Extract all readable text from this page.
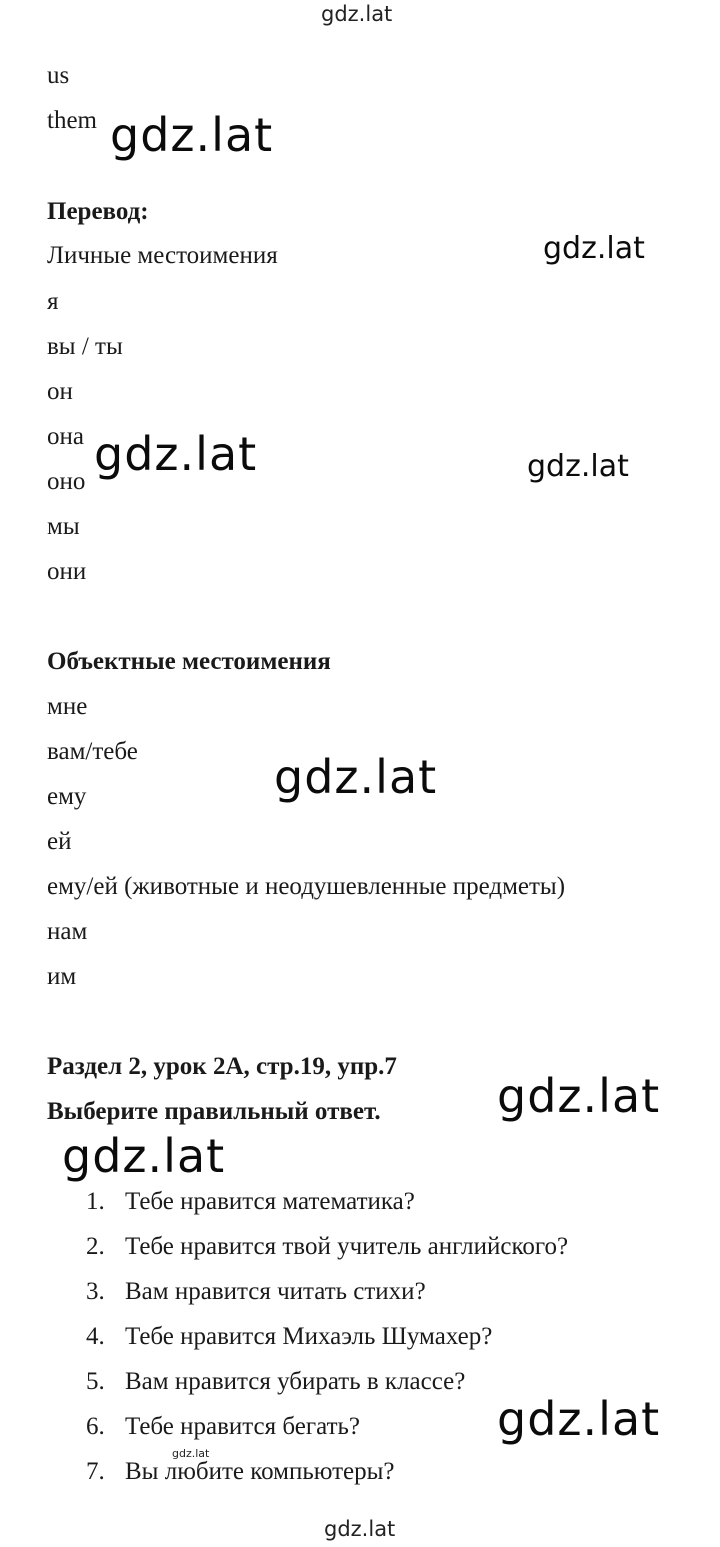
gdz.lat
gdz.lat
gdz.lat
gdz.lat	gdz.lat
gdz.lat
gdz.lat
gdz.lat
gdz.lat
gdz.lat
gdz.lat
us
them
Перевод:
Личные местоимения
я
вы / ты
он
она
оно
мы
они
Объектные местоимения
мне
вам/тебе
ему
ей
ему/ей (животные и неодушевленные предметы)
нам
им
Раздел 2, урок 2А, стр.19, упр.7
Выберите правильный ответ.
1. Тебе нравится математика?
2. Тебе нравится твой учитель английского?
3. Вам нравится читать стихи?
4. Тебе нравится Михаэль Шумахер?
5. Вам нравится убирать в классе?
6. Тебе нравится бегать?
7. Вы любите компьютеры?
